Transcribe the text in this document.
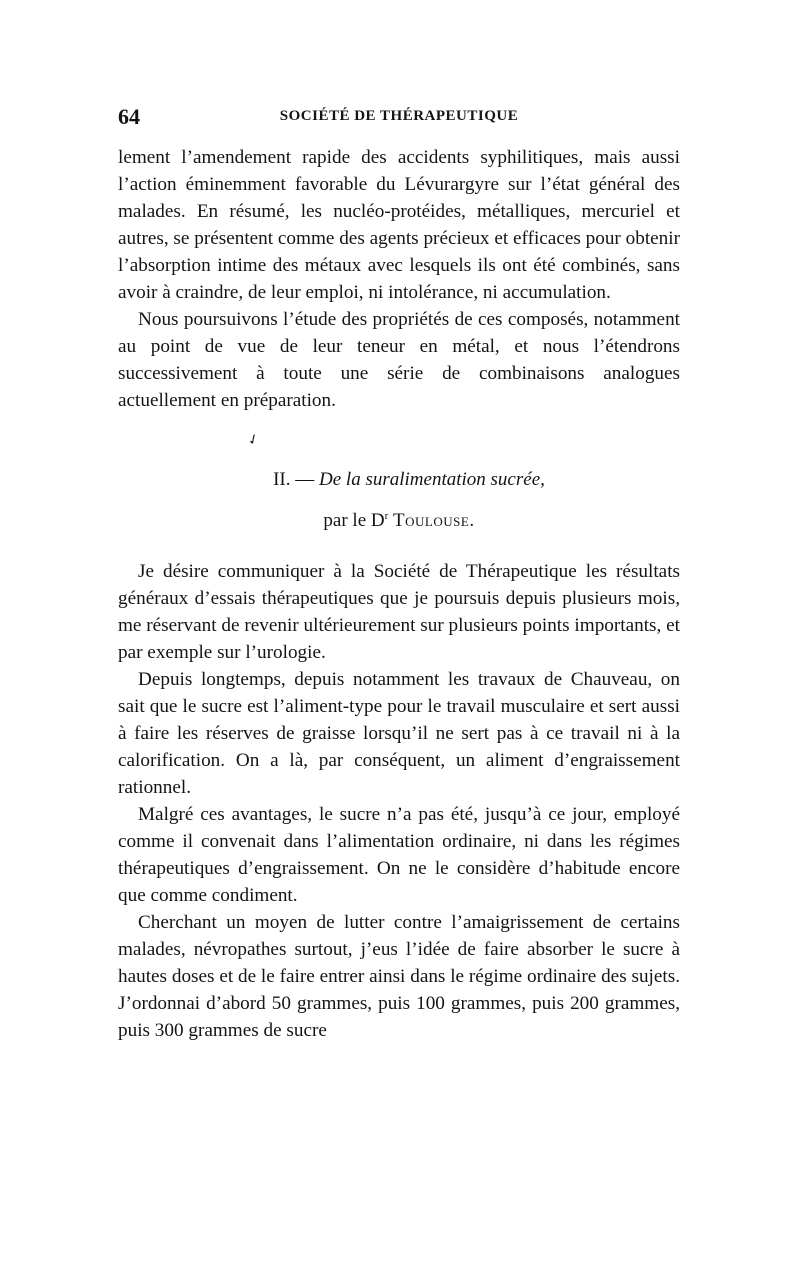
64	SOCIÉTÉ DE THÉRAPEUTIQUE

lement l’amendement rapide des accidents syphilitiques, mais aussi l’action éminemment favorable du Lévurargyre sur l’état général des malades. En résumé, les nucléo-protéides, métalliques, mercuriel et autres, se présentent comme des agents précieux et efficaces pour obtenir l’absorption intime des métaux avec lesquels ils ont été combinés, sans avoir à craindre, de leur emploi, ni intolérance, ni accumulation.

Nous poursuivons l’étude des propriétés de ces composés, notamment au point de vue de leur teneur en métal, et nous l’étendrons successivement à toute une série de combinaisons analogues actuellement en préparation.

✓

II. — De la suralimentation sucrée,

par le $D^r$ Toulouse.

Je désire communiquer à la Société de Thérapeutique les résultats généraux d’essais thérapeutiques que je poursuis depuis plusieurs mois, me réservant de revenir ultérieurement sur plusieurs points importants, et par exemple sur l’urologie.

Depuis longtemps, depuis notamment les travaux de Chauveau, on sait que le sucre est l’aliment-type pour le travail musculaire et sert aussi à faire les réserves de graisse lorsqu’il ne sert pas à ce travail ni à la calorification. On a là, par conséquent, un aliment d’engraissement rationnel.

Malgré ces avantages, le sucre n’a pas été, jusqu’à ce jour, employé comme il convenait dans l’alimentation ordinaire, ni dans les régimes thérapeutiques d’engraissement. On ne le considère d’habitude encore que comme condiment.

Cherchant un moyen de lutter contre l’amaigrissement de certains malades, névropathes surtout, j’eus l’idée de faire absorber le sucre à hautes doses et de le faire entrer ainsi dans le régime ordinaire des sujets. J’ordonnai d’abord 50 grammes, puis 100 grammes, puis 200 grammes, puis 300 grammes de sucre
